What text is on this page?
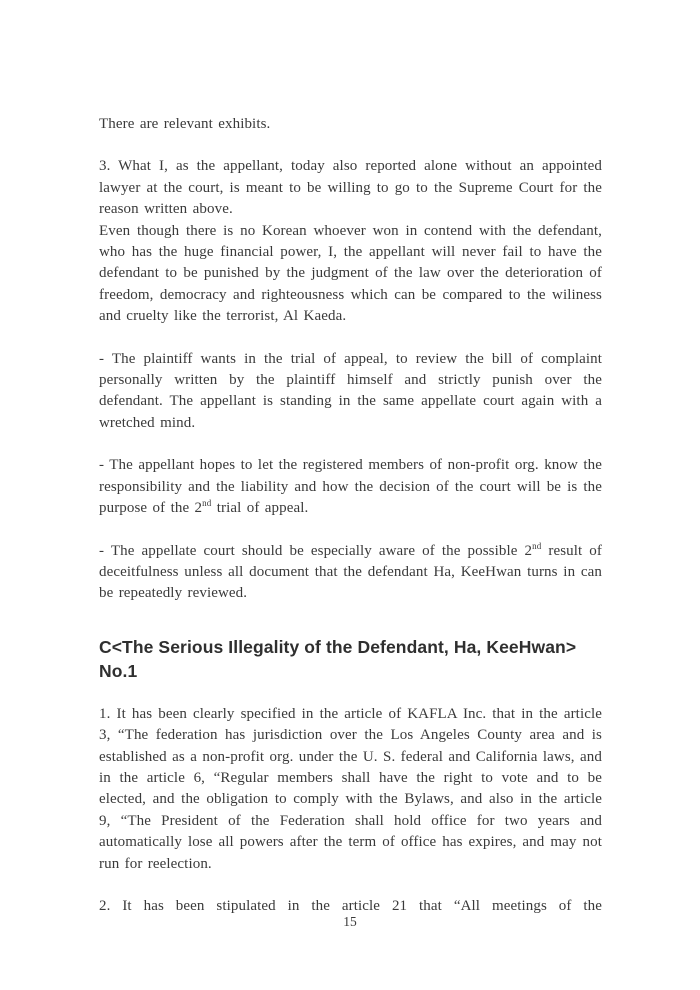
There are relevant exhibits.

3. What I, as the appellant, today also reported alone without an appointed lawyer at the court, is meant to be willing to go to the Supreme Court for the reason written above.

Even though there is no Korean whoever won in contend with the defendant, who has the huge financial power, I, the appellant will never fail to have the defendant to be punished by the judgment of the law over the deterioration of freedom, democracy and righteousness which can be compared to the wiliness and cruelty like the terrorist, Al Kaeda.

- The plaintiff wants in the trial of appeal, to review the bill of complaint personally written by the plaintiff himself and strictly punish over the defendant. The appellant is standing in the same appellate court again with a wretched mind.

- The appellant hopes to let the registered members of non-profit org. know the responsibility and the liability and how the decision of the court will be is the purpose of the 2nd trial of appeal.

- The appellate court should be especially aware of the possible 2nd result of deceitfulness unless all document that the defendant Ha, KeeHwan turns in can be repeatedly reviewed.

C<The Serious Illegality of the Defendant, Ha, KeeHwan> No.1

1. It has been clearly specified in the article of KAFLA Inc. that in the article 3, “The federation has jurisdiction over the Los Angeles County area and is established as a non-profit org. under the U. S. federal and California laws, and in the article 6, “Regular members shall have the right to vote and to be elected, and the obligation to comply with the Bylaws, and also in the article 9, “The President of the Federation shall hold office for two years and automatically lose all powers after the term of office has expires, and may not run for reelection.

2. It has been stipulated in the article 21 that “All meetings of the

15
